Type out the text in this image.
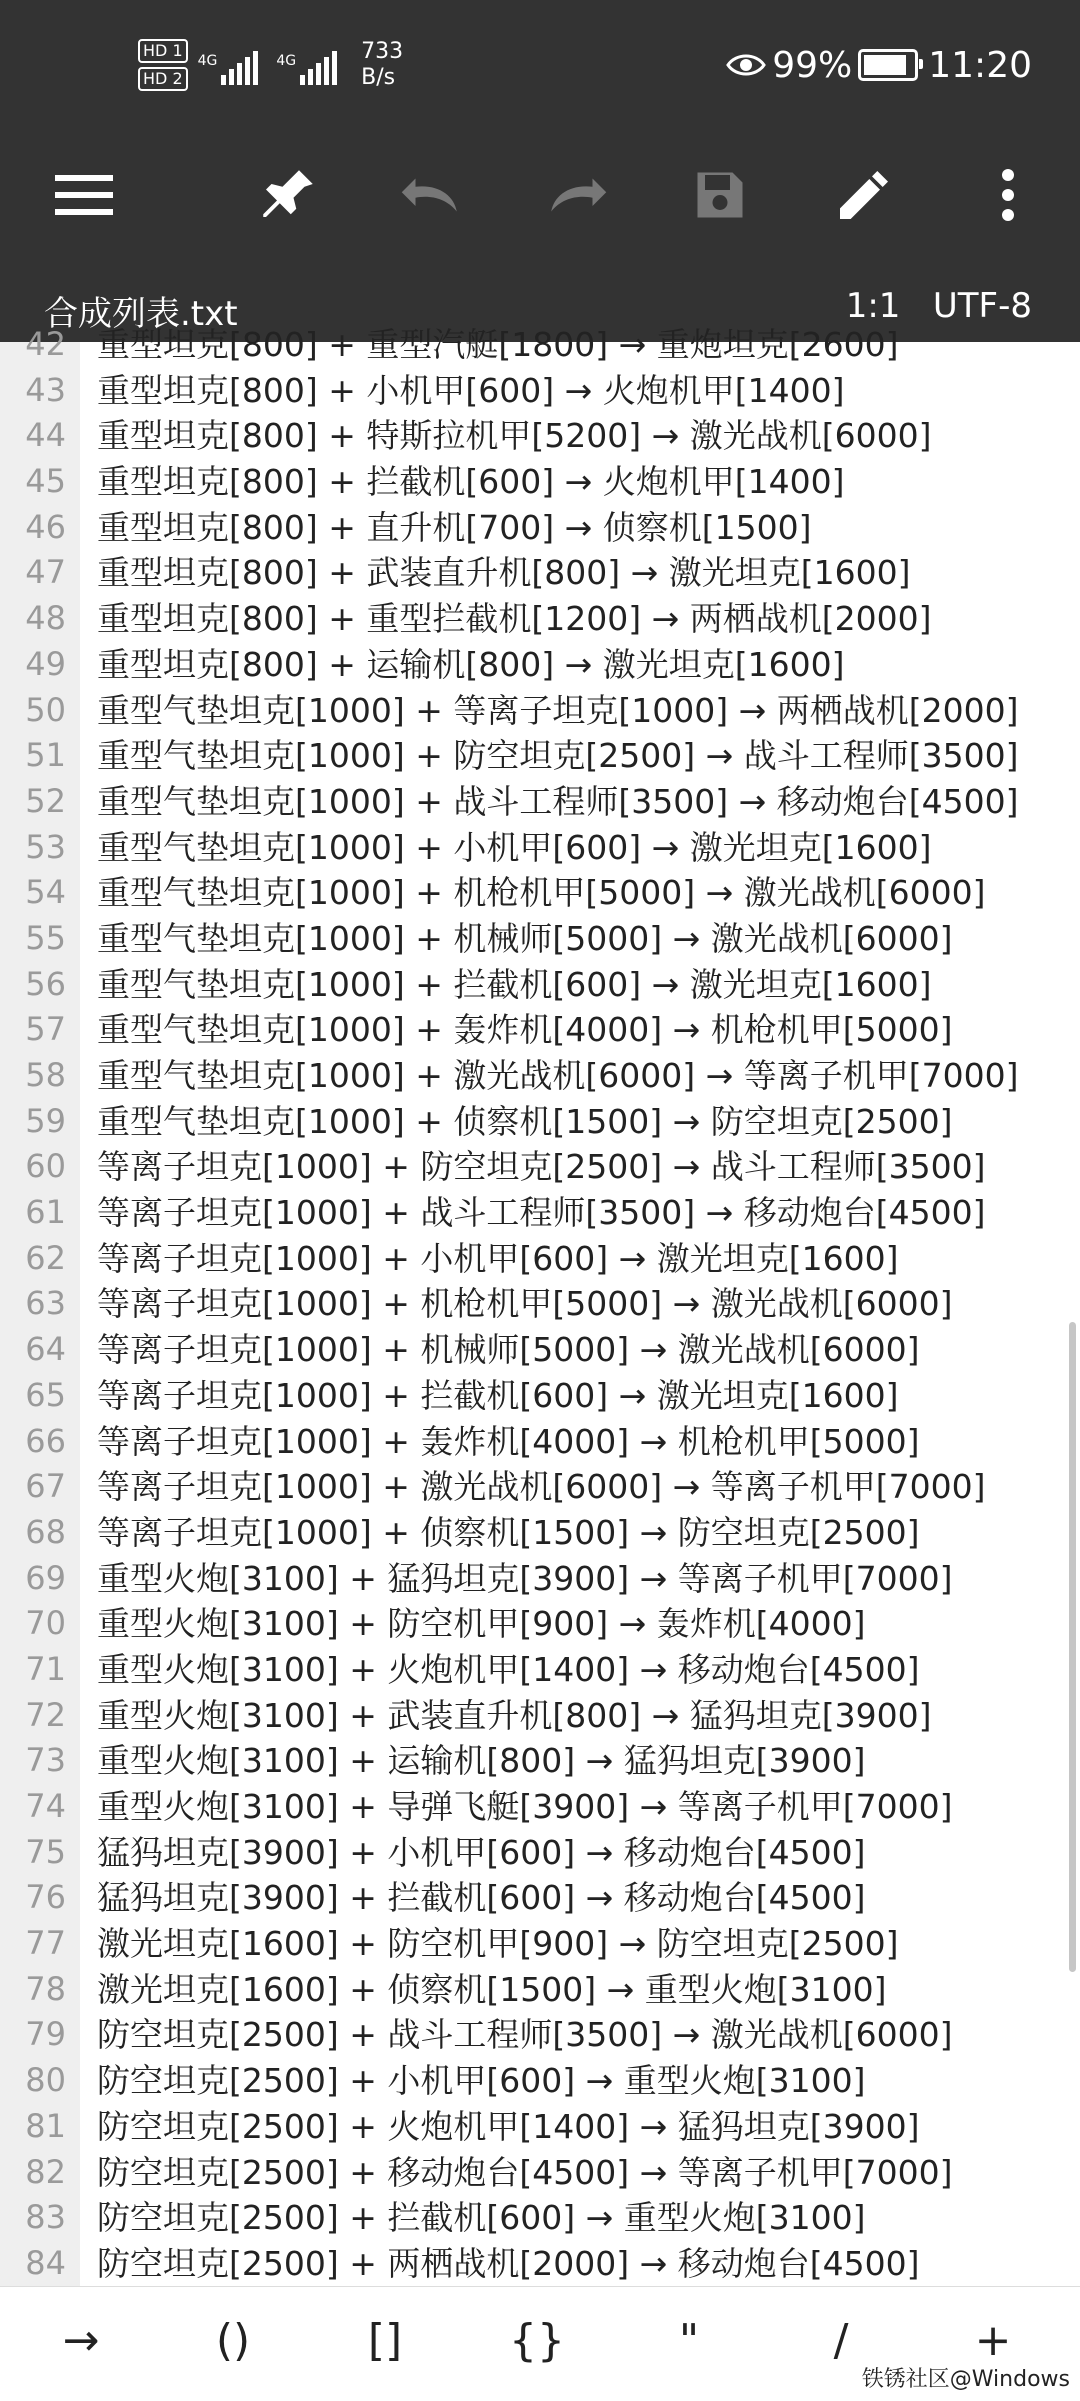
HD 1
HD 2
4G	4G	733
B/s	99% 11:20
合成列表.txt	1:1 UTF-8
42 重型坦克[800] + 重型汽艇[1800] → 重炮坦克[2600]
43 重型坦克[800] + 小机甲[600] → 火炮机甲[1400]
44 重型坦克[800] + 特斯拉机甲[5200] → 激光战机[6000]
45 重型坦克[800] + 拦截机[600] → 火炮机甲[1400]
46 重型坦克[800] + 直升机[700] → 侦察机[1500]
47 重型坦克[800] + 武装直升机[800] → 激光坦克[1600]
48 重型坦克[800] + 重型拦截机[1200] → 两栖战机[2000]
49 重型坦克[800] + 运输机[800] → 激光坦克[1600]
50 重型气垫坦克[1000] + 等离子坦克[1000] → 两栖战机[2000]
51 重型气垫坦克[1000] + 防空坦克[2500] → 战斗工程师[3500]
52 重型气垫坦克[1000] + 战斗工程师[3500] → 移动炮台[4500]
53 重型气垫坦克[1000] + 小机甲[600] → 激光坦克[1600]
54 重型气垫坦克[1000] + 机枪机甲[5000] → 激光战机[6000]
55 重型气垫坦克[1000] + 机械师[5000] → 激光战机[6000]
56 重型气垫坦克[1000] + 拦截机[600] → 激光坦克[1600]
57 重型气垫坦克[1000] + 轰炸机[4000] → 机枪机甲[5000]
58 重型气垫坦克[1000] + 激光战机[6000] → 等离子机甲[7000]
59 重型气垫坦克[1000] + 侦察机[1500] → 防空坦克[2500]
60 等离子坦克[1000] + 防空坦克[2500] → 战斗工程师[3500]
61 等离子坦克[1000] + 战斗工程师[3500] → 移动炮台[4500]
62 等离子坦克[1000] + 小机甲[600] → 激光坦克[1600]
63 等离子坦克[1000] + 机枪机甲[5000] → 激光战机[6000]
64 等离子坦克[1000] + 机械师[5000] → 激光战机[6000]
65 等离子坦克[1000] + 拦截机[600] → 激光坦克[1600]
66 等离子坦克[1000] + 轰炸机[4000] → 机枪机甲[5000]
67 等离子坦克[1000] + 激光战机[6000] → 等离子机甲[7000]
68 等离子坦克[1000] + 侦察机[1500] → 防空坦克[2500]
69 重型火炮[3100] + 猛犸坦克[3900] → 等离子机甲[7000]
70 重型火炮[3100] + 防空机甲[900] → 轰炸机[4000]
71 重型火炮[3100] + 火炮机甲[1400] → 移动炮台[4500]
72 重型火炮[3100] + 武装直升机[800] → 猛犸坦克[3900]
73 重型火炮[3100] + 运输机[800] → 猛犸坦克[3900]
74 重型火炮[3100] + 导弹飞艇[3900] → 等离子机甲[7000]
75 猛犸坦克[3900] + 小机甲[600] → 移动炮台[4500]
76 猛犸坦克[3900] + 拦截机[600] → 移动炮台[4500]
77 激光坦克[1600] + 防空机甲[900] → 防空坦克[2500]
78 激光坦克[1600] + 侦察机[1500] → 重型火炮[3100]
79 防空坦克[2500] + 战斗工程师[3500] → 激光战机[6000]
80 防空坦克[2500] + 小机甲[600] → 重型火炮[3100]
81 防空坦克[2500] + 火炮机甲[1400] → 猛犸坦克[3900]
82 防空坦克[2500] + 移动炮台[4500] → 等离子机甲[7000]
83 防空坦克[2500] + 拦截机[600] → 重型火炮[3100]
84 防空坦克[2500] + 两栖战机[2000] → 移动炮台[4500]
→	()	[]	{}	"	/	+
铁锈社区@Windows
